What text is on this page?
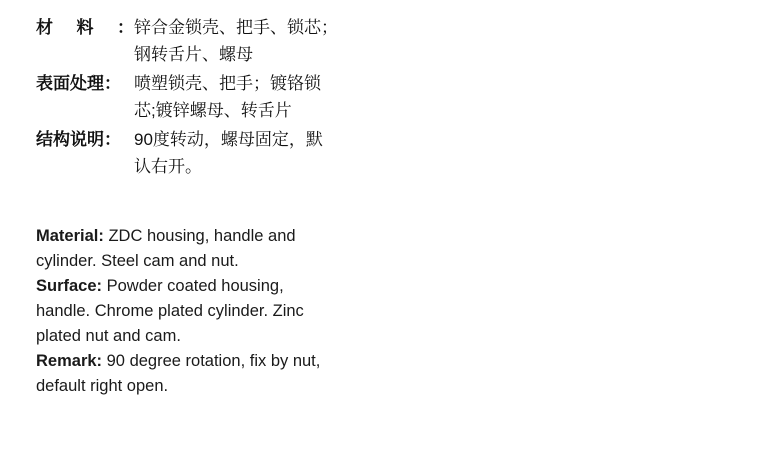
材 料 ： 锌合金锁壳、把手、锁芯；
钢转舌片、螺母
表面处理： 喷塑锁壳、把手；镀铬锁
芯;镀锌螺母、转舌片
结构说明： 90度转动，螺母固定，默
认右开。

Material: ZDC housing, handle and
cylinder. Steel cam and nut.

Surface: Powder coated housing,
handle. Chrome plated cylinder. Zinc
plated nut and cam.

Remark: 90 degree rotation, fix by nut,
default right open.
